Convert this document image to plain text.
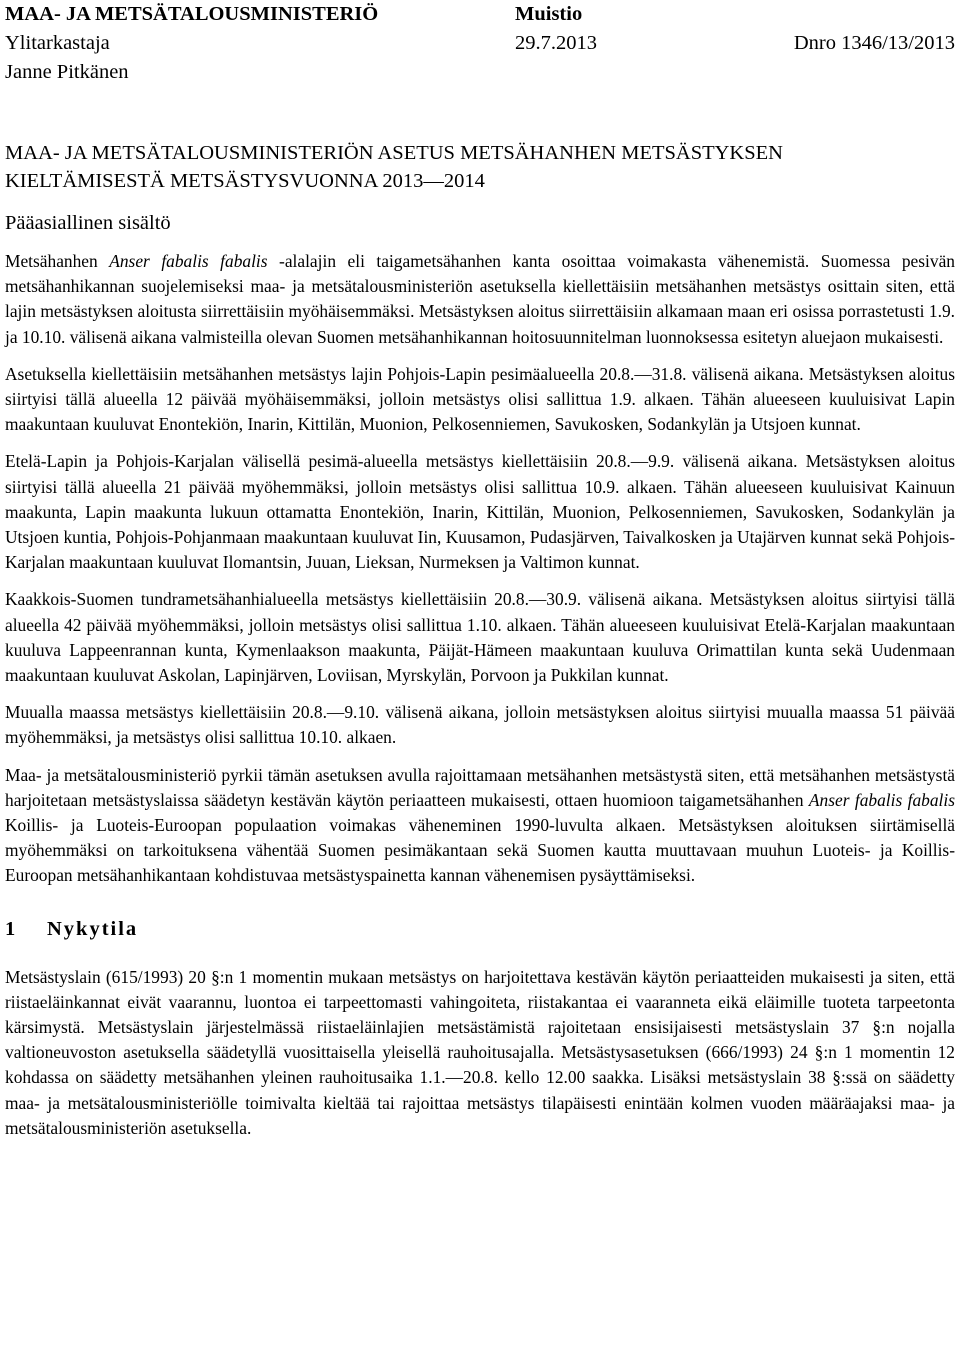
MAA- JA METSÄTALOUSMINISTERIÖ	Muistio
Ylitarkastaja	29.7.2013	Dnro 1346/13/2013
Janne Pitkänen
MAA- JA METSÄTALOUSMINISTERIÖN ASETUS METSÄHANHEN METSÄSTYKSEN
KIELTÄMISESTÄ METSÄSTYSVUONNA 2013—2014
Pääasiallinen sisältö

Metsähanhen Anser fabalis fabalis -alalajin eli taigametsähanhen kanta osoittaa voimakasta vähenemistä. Suomessa pesivän metsähanhikannan suojelemiseksi maa- ja metsätalousministeriön asetuksella kiellettäisiin metsähanhen metsästys osittain siten, että lajin metsästyksen aloitusta siirrettäisiin myöhäisemmäksi. Metsästyksen aloitus siirrettäisiin alkamaan maan eri osissa porrastetusti 1.9. ja 10.10. välisenä aikana valmisteilla olevan Suomen metsähanhikannan hoitosuunnitelman luonnoksessa esitetyn aluejaon mukaisesti.

Asetuksella kiellettäisiin metsähanhen metsästys lajin Pohjois-Lapin pesimäalueella 20.8.—31.8. välisenä aikana. Metsästyksen aloitus siirtyisi tällä alueella 12 päivää myöhäisemmäksi, jolloin metsästys olisi sallittua 1.9. alkaen. Tähän alueeseen kuuluisivat Lapin maakuntaan kuuluvat Enontekiön, Inarin, Kittilän, Muonion, Pelkosenniemen, Savukosken, Sodankylän ja Utsjoen kunnat.

Etelä-Lapin ja Pohjois-Karjalan välisellä pesimä-alueella metsästys kiellettäisiin 20.8.—9.9. välisenä aikana. Metsästyksen aloitus siirtyisi tällä alueella 21 päivää myöhemmäksi, jolloin metsästys olisi sallittua 10.9. alkaen. Tähän alueeseen kuuluisivat Kainuun maakunta, Lapin maakunta lukuun ottamatta Enontekiön, Inarin, Kittilän, Muonion, Pelkosenniemen, Savukosken, Sodankylän ja Utsjoen kuntia, Pohjois-Pohjanmaan maakuntaan kuuluvat Iin, Kuusamon, Pudasjärven, Taivalkosken ja Utajärven kunnat sekä Pohjois-Karjalan maakuntaan kuuluvat Ilomantsin, Juuan, Lieksan, Nurmeksen ja Valtimon kunnat.

Kaakkois-Suomen tundrametsähanhialueella metsästys kiellettäisiin 20.8.—30.9. välisenä aikana. Metsästyksen aloitus siirtyisi tällä alueella 42 päivää myöhemmäksi, jolloin metsästys olisi sallittua 1.10. alkaen. Tähän alueeseen kuuluisivat Etelä-Karjalan maakuntaan kuuluva Lappeenrannan kunta, Kymenlaakson maakunta, Päijät-Hämeen maakuntaan kuuluva Orimattilan kunta sekä Uudenmaan maakuntaan kuuluvat Askolan, Lapinjärven, Loviisan, Myrskylän, Porvoon ja Pukkilan kunnat.

Muualla maassa metsästys kiellettäisiin 20.8.—9.10. välisenä aikana, jolloin metsästyksen aloitus siirtyisi muualla maassa 51 päivää myöhemmäksi, ja metsästys olisi sallittua 10.10. alkaen.

Maa- ja metsätalousministeriö pyrkii tämän asetuksen avulla rajoittamaan metsähanhen metsästystä siten, että metsähanhen metsästystä harjoitetaan metsästyslaissa säädetyn kestävän käytön periaatteen mukaisesti, ottaen huomioon taigametsähanhen Anser fabalis fabalis Koillis- ja Luoteis-Euroopan populaation voimakas väheneminen 1990-luvulta alkaen. Metsästyksen aloituksen siirtämisellä myöhemmäksi on tarkoituksena vähentää Suomen pesimäkantaan sekä Suomen kautta muuttavaan muuhun Luoteis- ja Koillis-Euroopan metsähanhikantaan kohdistuvaa metsästyspainetta kannan vähenemisen pysäyttämiseksi.

1 Nykytila

Metsästyslain (615/1993) 20 §:n 1 momentin mukaan metsästys on harjoitettava kestävän käytön periaatteiden mukaisesti ja siten, että riistaeläinkannat eivät vaarannu, luontoa ei tarpeettomasti vahingoiteta, riistakantaa ei vaaranneta eikä eläimille tuoteta tarpeetonta kärsimystä. Metsästyslain järjestelmässä riistaeläinlajien metsästämistä rajoitetaan ensisijaisesti metsästyslain 37 §:n nojalla valtioneuvoston asetuksella säädetyllä vuosittaisella yleisellä rauhoitusajalla. Metsästysasetuksen (666/1993) 24 §:n 1 momentin 12 kohdassa on säädetty metsähanhen yleinen rauhoitusaika 1.1.—20.8. kello 12.00 saakka. Lisäksi metsästyslain 38 §:ssä on säädetty maa- ja metsätalousministeriölle toimivalta kieltää tai rajoittaa metsästys tilapäisesti enintään kolmen vuoden määräajaksi maa- ja metsätalousministeriön asetuksella.
